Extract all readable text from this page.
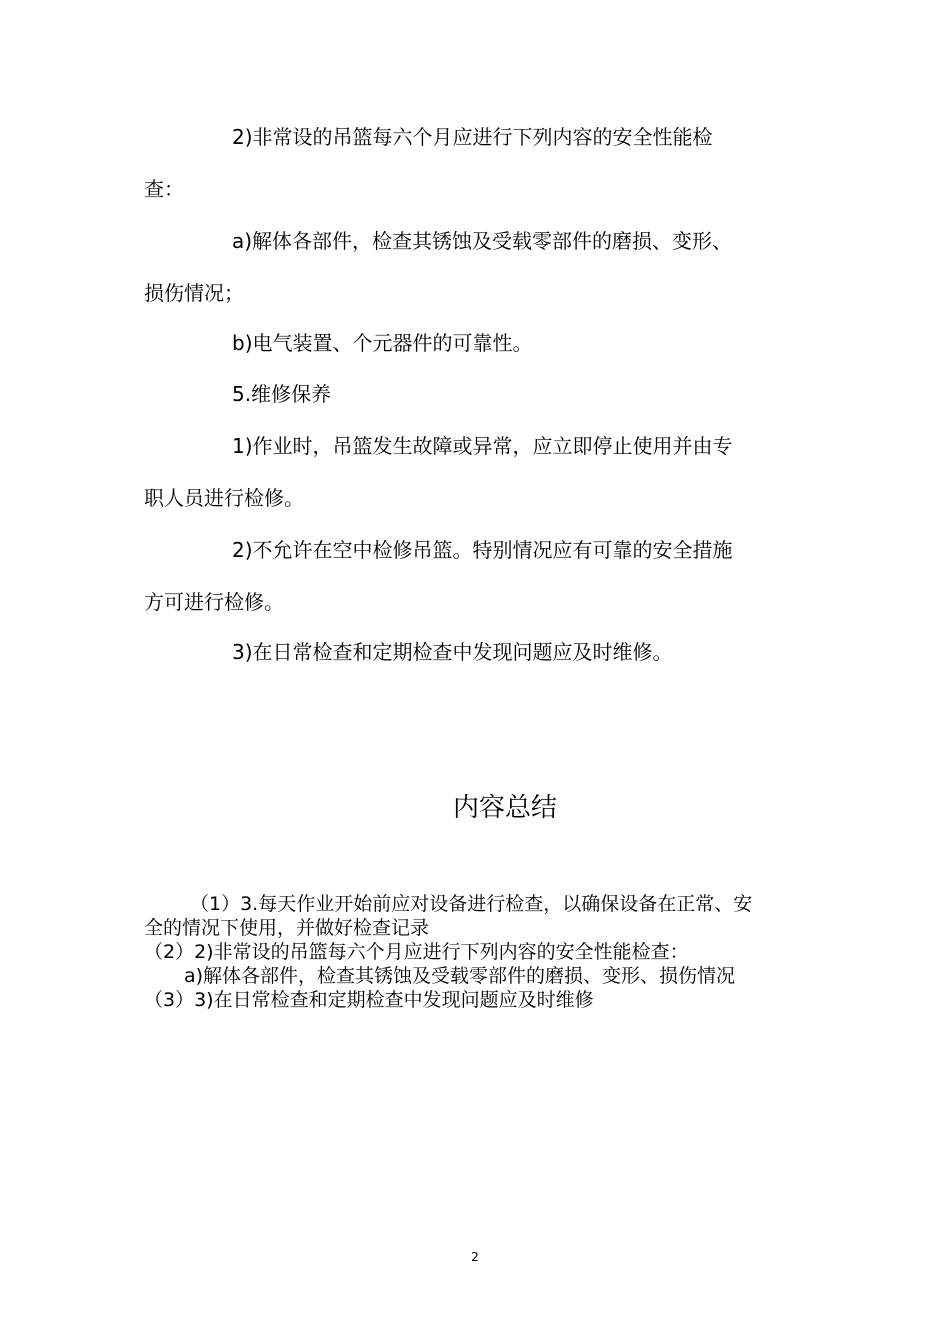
2)非常设的吊篮每六个月应进行下列内容的安全性能检
查：
a)解体各部件，检查其锈蚀及受载零部件的磨损、变形、
损伤情况；
b)电气装置、个元器件的可靠性。
5.维修保养
1)作业时，吊篮发生故障或异常，应立即停止使用并由专
职人员进行检修。
2)不允许在空中检修吊篮。特别情况应有可靠的安全措施
方可进行检修。
3)在日常检查和定期检查中发现问题应及时维修。
内容总结
（1）3.每天作业开始前应对设备进行检查，以确保设备在正常、安
全的情况下使用，并做好检查记录
（2）2)非常设的吊篮每六个月应进行下列内容的安全性能检查：
a)解体各部件，检查其锈蚀及受载零部件的磨损、变形、损伤情况
（3）3)在日常检查和定期检查中发现问题应及时维修
2
